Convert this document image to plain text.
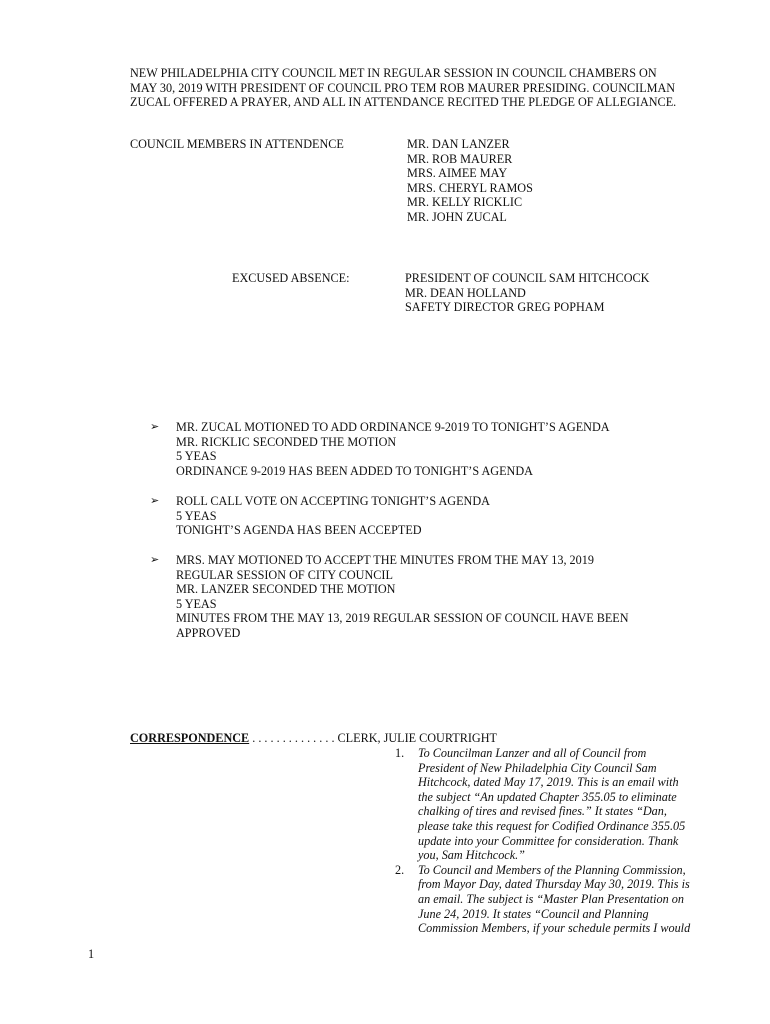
NEW PHILADELPHIA CITY COUNCIL MET IN REGULAR SESSION IN COUNCIL CHAMBERS ON
MAY 30, 2019 WITH PRESIDENT OF COUNCIL PRO TEM ROB MAURER PRESIDING. COUNCILMAN
ZUCAL OFFERED A PRAYER, AND ALL IN ATTENDANCE RECITED THE PLEDGE OF ALLEGIANCE.
COUNCIL MEMBERS IN ATTENDENCE	MR. DAN LANZER
MR. ROB MAURER
MRS. AIMEE MAY
MRS. CHERYL RAMOS
MR. KELLY RICKLIC
MR. JOHN ZUCAL
EXCUSED ABSENCE:	PRESIDENT OF COUNCIL SAM HITCHCOCK
MR. DEAN HOLLAND
SAFETY DIRECTOR GREG POPHAM
➢	MR. ZUCAL MOTIONED TO ADD ORDINANCE 9-2019 TO TONIGHT’S AGENDA
MR. RICKLIC SECONDED THE MOTION
5 YEAS
ORDINANCE 9-2019 HAS BEEN ADDED TO TONIGHT’S AGENDA
➢	ROLL CALL VOTE ON ACCEPTING TONIGHT’S AGENDA
5 YEAS
TONIGHT’S AGENDA HAS BEEN ACCEPTED
➢	MRS. MAY MOTIONED TO ACCEPT THE MINUTES FROM THE MAY 13, 2019
REGULAR SESSION OF CITY COUNCIL
MR. LANZER SECONDED THE MOTION
5 YEAS
MINUTES FROM THE MAY 13, 2019 REGULAR SESSION OF COUNCIL HAVE BEEN
APPROVED
CORRESPONDENCE . . . . . . . . . . . . . . CLERK, JULIE COURTRIGHT
1. To Councilman Lanzer and all of Council from
President of New Philadelphia City Council Sam
Hitchcock, dated May 17, 2019. This is an email with
the subject “An updated Chapter 355.05 to eliminate
chalking of tires and revised fines.” It states “Dan,
please take this request for Codified Ordinance 355.05
update into your Committee for consideration. Thank
you, Sam Hitchcock.”
2. To Council and Members of the Planning Commission,
from Mayor Day, dated Thursday May 30, 2019. This is
an email. The subject is “Master Plan Presentation on
June 24, 2019. It states “Council and Planning
Commission Members, if your schedule permits I would
1
